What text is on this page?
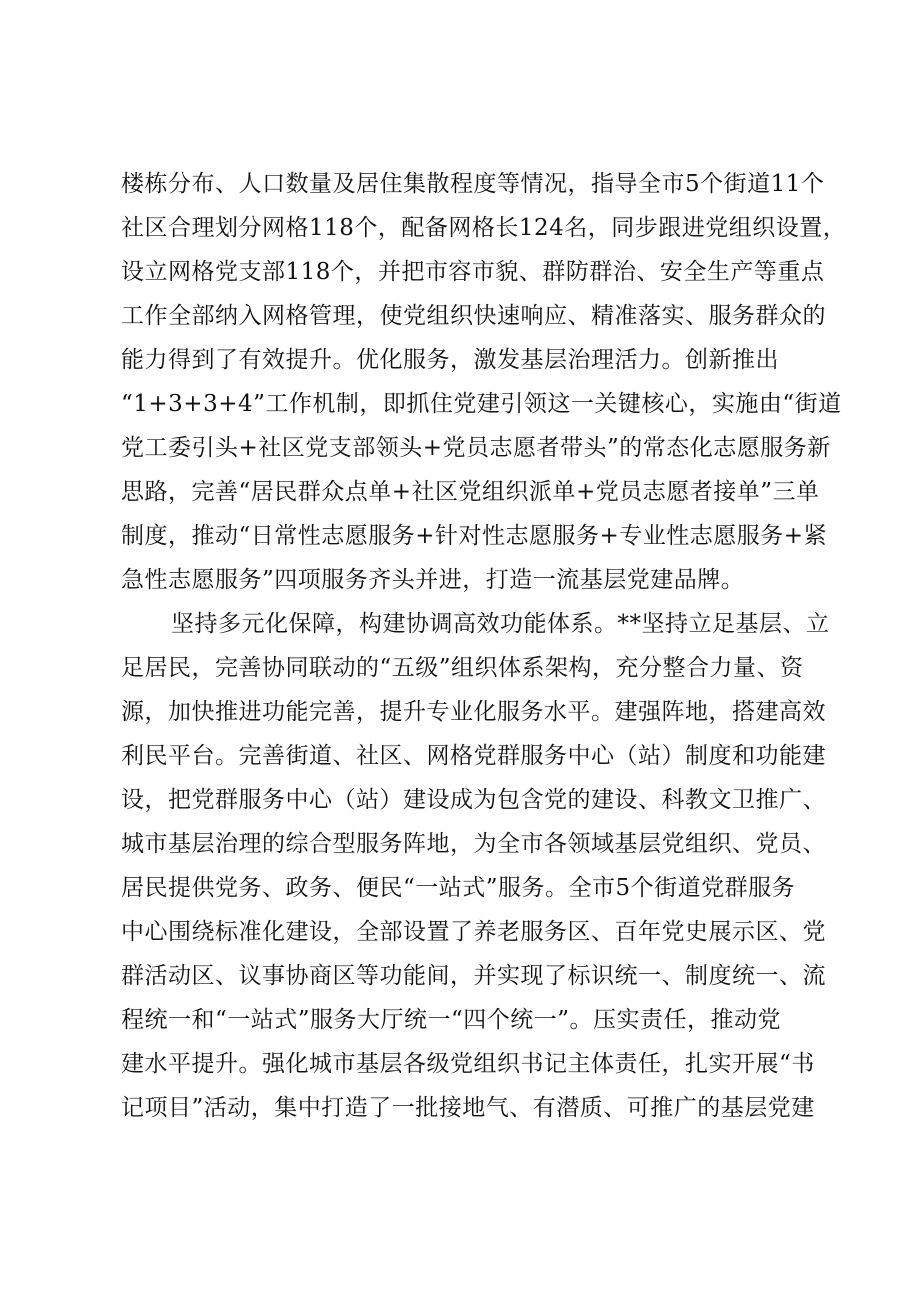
楼栋分布、人口数量及居住集散程度等情况，指导全市5个街道11个
社区合理划分网格118个，配备网格长124名，同步跟进党组织设置，
设立网格党支部118个，并把市容市貌、群防群治、安全生产等重点
工作全部纳入网格管理，使党组织快速响应、精准落实、服务群众的
能力得到了有效提升。优化服务，激发基层治理活力。创新推出
“1+3+3+4”工作机制，即抓住党建引领这一关键核心，实施由“街道
党工委引头+社区党支部领头+党员志愿者带头”的常态化志愿服务新
思路，完善“居民群众点单+社区党组织派单+党员志愿者接单”三单
制度，推动“日常性志愿服务+针对性志愿服务+专业性志愿服务+紧
急性志愿服务”四项服务齐头并进，打造一流基层党建品牌。
坚持多元化保障，构建协调高效功能体系。**坚持立足基层、立
足居民，完善协同联动的“五级”组织体系架构，充分整合力量、资
源，加快推进功能完善，提升专业化服务水平。建强阵地，搭建高效
利民平台。完善街道、社区、网格党群服务中心（站）制度和功能建
设，把党群服务中心（站）建设成为包含党的建设、科教文卫推广、
城市基层治理的综合型服务阵地，为全市各领域基层党组织、党员、
居民提供党务、政务、便民“一站式”服务。全市5个街道党群服务
中心围绕标准化建设，全部设置了养老服务区、百年党史展示区、党
群活动区、议事协商区等功能间，并实现了标识统一、制度统一、流
程统一和“一站式”服务大厅统一“四个统一”。压实责任，推动党
建水平提升。强化城市基层各级党组织书记主体责任，扎实开展“书
记项目”活动，集中打造了一批接地气、有潜质、可推广的基层党建
